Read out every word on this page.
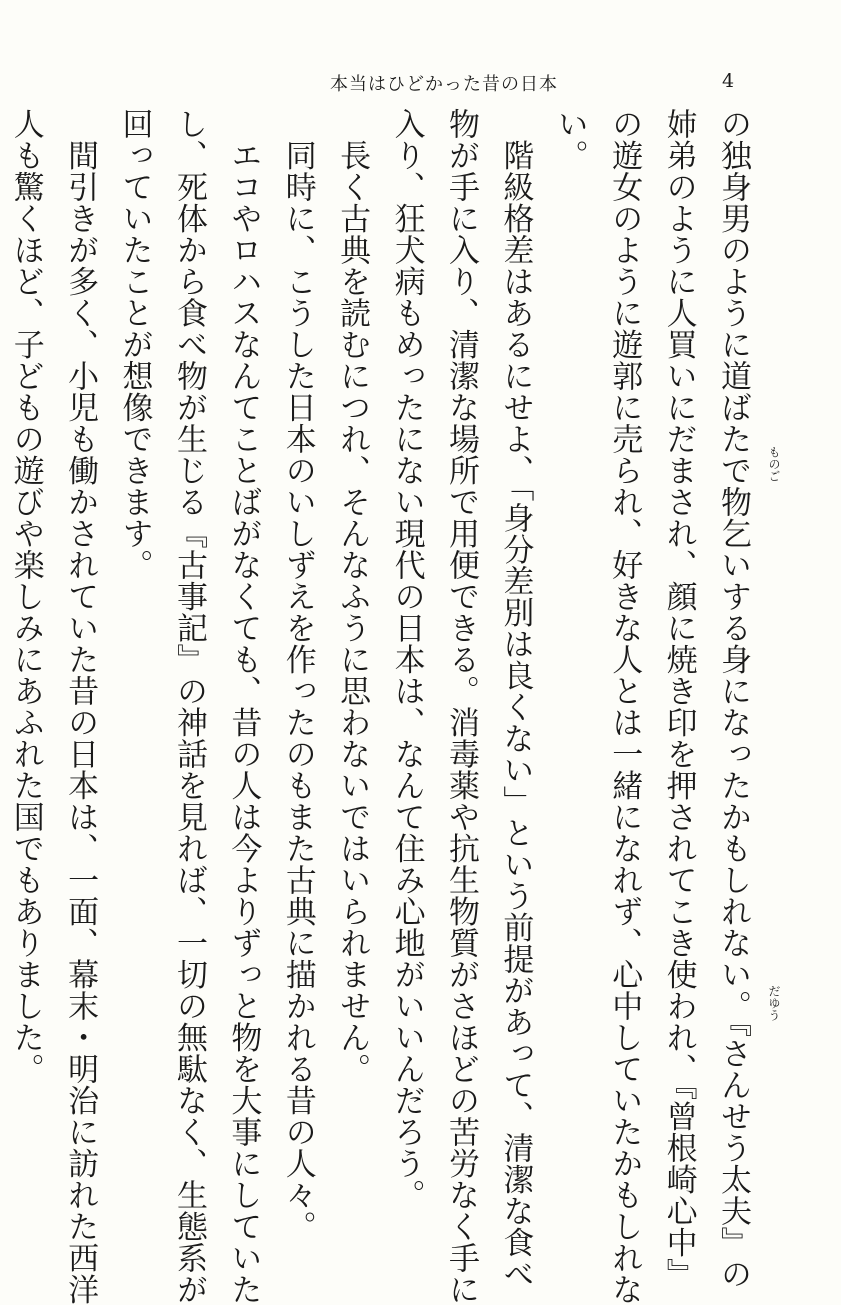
本当はひどかった昔の日本	4

の独身男のように道ばたで物乞いする身になったかもしれない。『さんせう太夫』の

姉弟のように人買いにだまされ、顔に焼き印を押されてこき使われ、『曾根崎心中』

の遊女のように遊郭に売られ、好きな人とは一緒になれず、心中していたかもしれな

い。

　階級格差はあるにせよ、「身分差別は良くない」という前提があって、清潔な食べ

物が手に入り、清潔な場所で用便できる。消毒薬や抗生物質がさほどの苦労なく手に

入り、狂犬病もめったにない現代の日本は、なんて住み心地がいいんだろう。

　長く古典を読むにつれ、そんなふうに思わないではいられません。

　同時に、こうした日本のいしずえを作ったのもまた古典に描かれる昔の人々。

　エコやロハスなんてことばがなくても、昔の人は今よりずっと物を大事にしていた

し、死体から食べ物が生じる『古事記』の神話を見れば、一切の無駄なく、生態系が

回っていたことが想像できます。

　間引きが多く、小児も働かされていた昔の日本は、一面、幕末・明治に訪れた西洋

人も驚くほど、子どもの遊びや楽しみにあふれた国でもありました。	ものご
だゆう
